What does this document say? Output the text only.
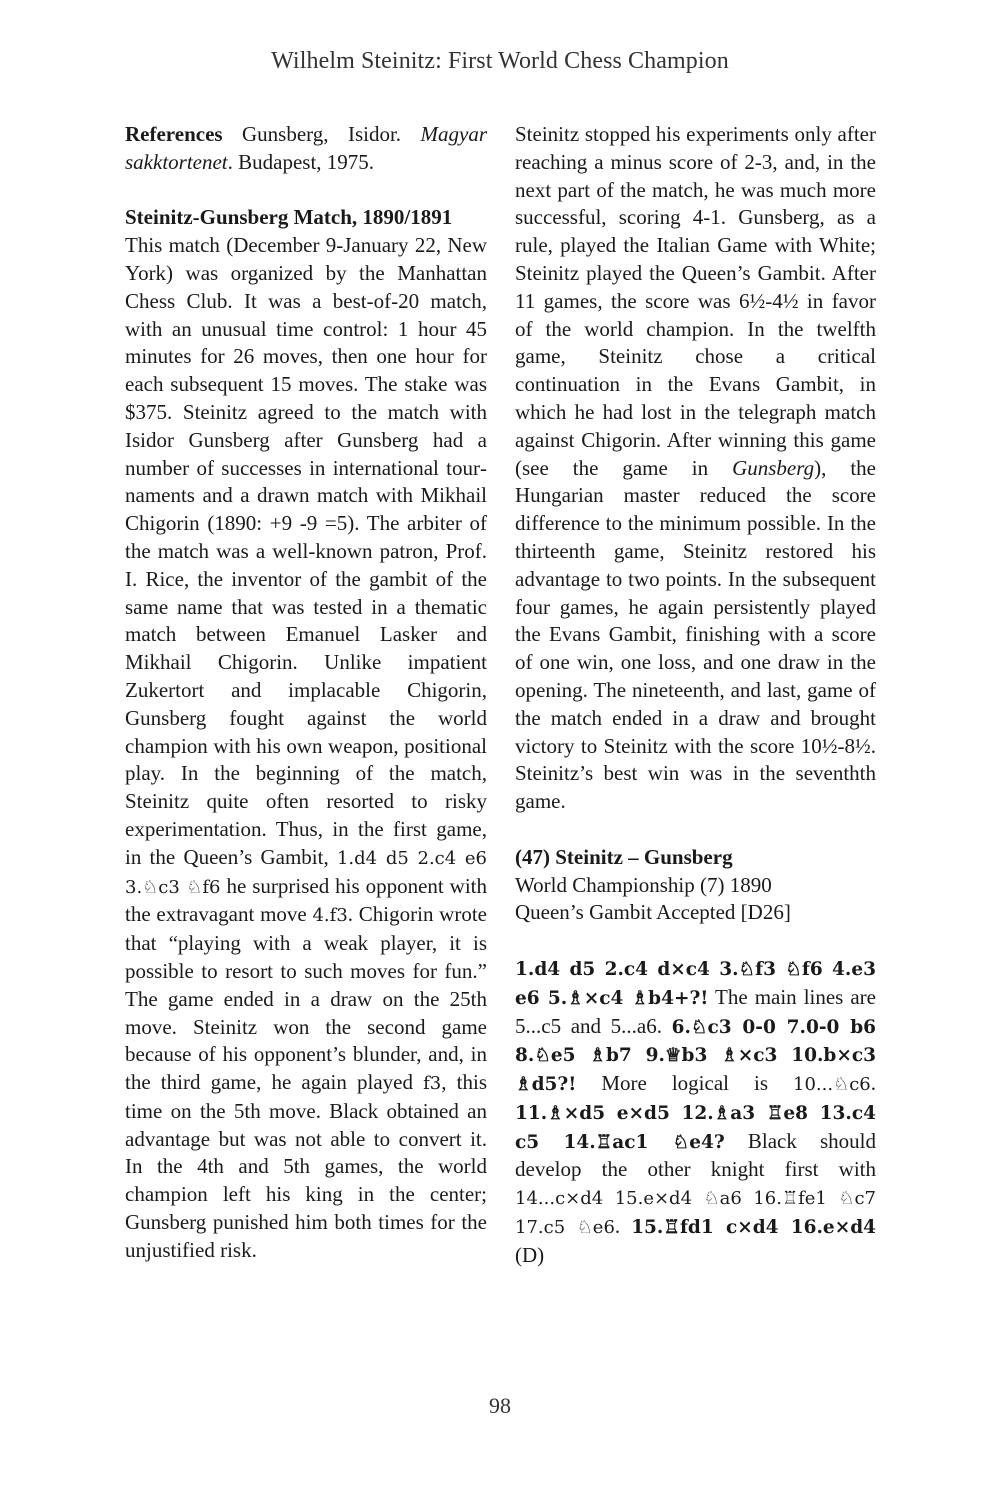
Wilhelm Steinitz: First World Chess Champion

References Gunsberg, Isidor. Magyar sakktortenet. Budapest, 1975.

Steinitz-Gunsberg Match, 1890/1891

This match (December 9-January 22, New York) was organized by the Manhattan Chess Club. It was a best-of-20 match, with an unusual time control: 1 hour 45 minutes for 26 moves, then one hour for each subsequent 15 moves. The stake was $375. Steinitz agreed to the match with Isidor Gunsberg after Gunsberg had a number of successes in international tournaments and a drawn match with Mikhail Chigorin (1890: +9 -9 =5). The arbiter of the match was a well-known patron, Prof. I. Rice, the inventor of the gambit of the same name that was tested in a thematic match between Emanuel Lasker and Mikhail Chigorin. Unlike impatient Zukertort and implacable Chigorin, Gunsberg fought against the world champion with his own weapon, positional play. In the beginning of the match, Steinitz quite often resorted to risky experimentation. Thus, in the first game, in the Queen’s Gambit, 1.d4 d5 2.c4 e6 3.♘c3 ♘f6 he surprised his opponent with the extravagant move 4.f3. Chigorin wrote that “playing with a weak player, it is possible to resort to such moves for fun.” The game ended in a draw on the 25th move. Steinitz won the second game because of his opponent’s blunder, and, in the third game, he again played f3, this time on the 5th move. Black obtained an advantage but was not able to convert it. In the 4th and 5th games, the world champion left his king in the center; Gunsberg punished him both times for the unjustified risk.

Steinitz stopped his experiments only after reaching a minus score of 2-3, and, in the next part of the match, he was much more successful, scoring 4-1. Gunsberg, as a rule, played the Italian Game with White; Steinitz played the Queen’s Gambit. After 11 games, the score was 6½-4½ in favor of the world champion. In the twelfth game, Steinitz chose a critical continuation in the Evans Gambit, in which he had lost in the telegraph match against Chigorin. After winning this game (see the game in Gunsberg), the Hungarian master reduced the score difference to the minimum possible. In the thirteenth game, Steinitz restored his advantage to two points. In the subsequent four games, he again persistently played the Evans Gambit, finishing with a score of one win, one loss, and one draw in the opening. The nineteenth, and last, game of the match ended in a draw and brought victory to Steinitz with the score 10½-8½. Steinitz’s best win was in the seventhth game.

(47) Steinitz – Gunsberg

World Championship (7) 1890

Queen’s Gambit Accepted [D26]

1.d4 d5 2.c4 d×c4 3.♘f3 ♘f6 4.e3 e6 5.♗×c4 ♗b4+?! The main lines are 5...c5 and 5...a6. 6.♘c3 0-0 7.0-0 b6 8.♘e5 ♗b7 9.♕b3 ♗×c3 10.b×c3 ♗d5?! More logical is 10...♘c6. 11.♗×d5 e×d5 12.♗a3 ♖e8 13.c4 c5 14.♖ac1 ♘e4? Black should develop the other knight first with 14...c×d4 15.e×d4 ♘a6 16.♖fe1 ♘c7 17.c5 ♘e6. 15.♖fd1 c×d4 16.e×d4 (D)

98
